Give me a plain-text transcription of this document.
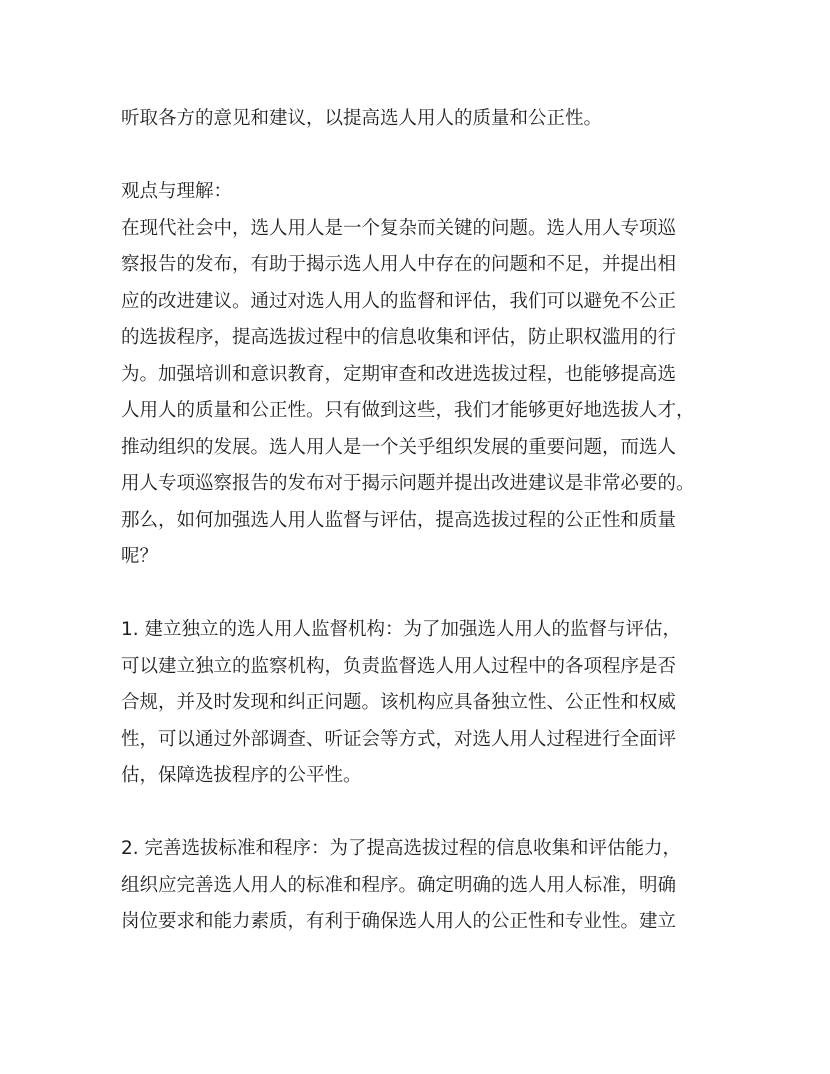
听取各方的意见和建议，以提高选人用人的质量和公正性。
观点与理解：
在现代社会中，选人用人是一个复杂而关键的问题。选人用人专项巡
察报告的发布，有助于揭示选人用人中存在的问题和不足，并提出相
应的改进建议。通过对选人用人的监督和评估，我们可以避免不公正
的选拔程序，提高选拔过程中的信息收集和评估，防止职权滥用的行
为。加强培训和意识教育，定期审查和改进选拔过程，也能够提高选
人用人的质量和公正性。只有做到这些，我们才能够更好地选拔人才，
推动组织的发展。选人用人是一个关乎组织发展的重要问题，而选人
用人专项巡察报告的发布对于揭示问题并提出改进建议是非常必要的。
那么，如何加强选人用人监督与评估，提高选拔过程的公正性和质量
呢？
1. 建立独立的选人用人监督机构：为了加强选人用人的监督与评估，
可以建立独立的监察机构，负责监督选人用人过程中的各项程序是否
合规，并及时发现和纠正问题。该机构应具备独立性、公正性和权威
性，可以通过外部调查、听证会等方式，对选人用人过程进行全面评
估，保障选拔程序的公平性。
2. 完善选拔标准和程序：为了提高选拔过程的信息收集和评估能力，
组织应完善选人用人的标准和程序。确定明确的选人用人标准，明确
岗位要求和能力素质，有利于确保选人用人的公正性和专业性。建立
